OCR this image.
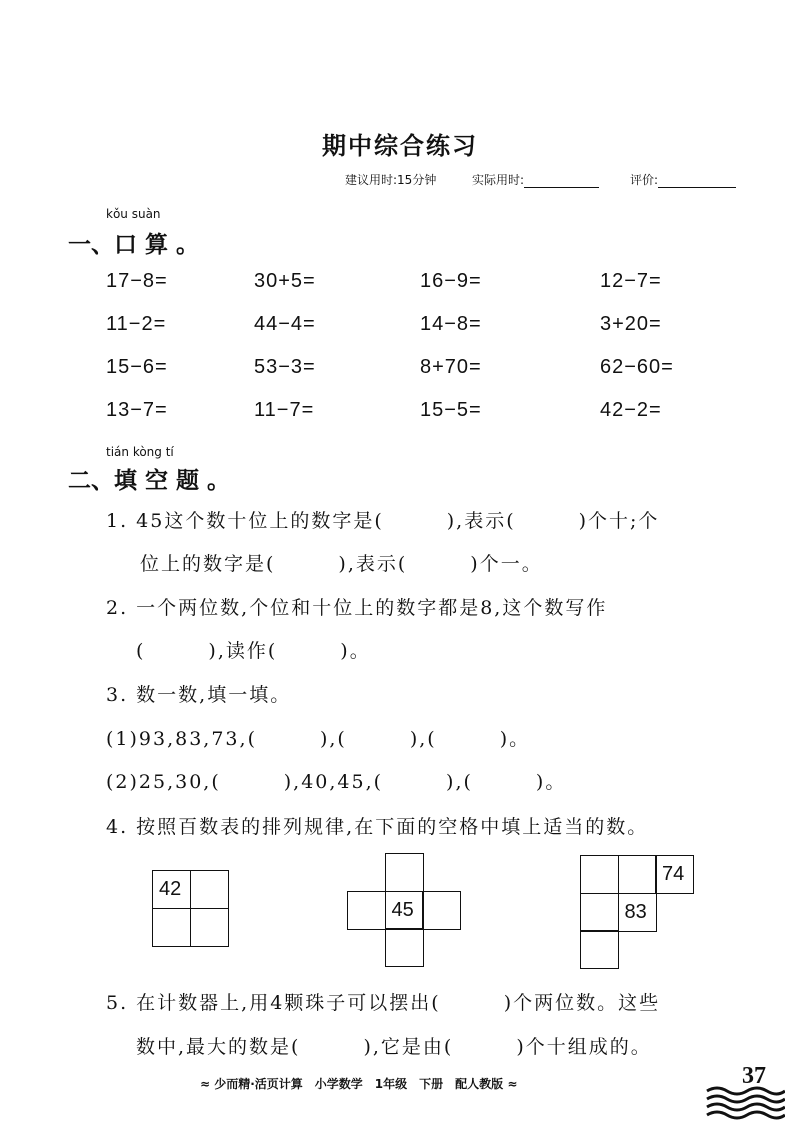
期中综合练习
建议用时:15分钟	实际用时:	评价:
kǒu suàn
一、口 算 。
17−8=	30+5=	16−9=	12−7=
11−2=	44−4=	14−8=	3+20=
15−6=	53−3=	8+70=	62−60=
13−7=	11−7=	15−5=	42−2=
tián kòng tí
二、填 空 题 。
1. 45这个数十位上的数字是(　　　),表示(　　　)个十;个
位上的数字是(　　　),表示(　　　)个一。
2. 一个两位数,个位和十位上的数字都是8,这个数写作
(　　　),读作(　　　)。
3. 数一数,填一填。
(1)93,83,73,(　　　),(　　　),(　　　)。
(2)25,30,(　　　),40,45,(　　　),(　　　)。
4. 按照百数表的排列规律,在下面的空格中填上适当的数。
42
45
74
83
5. 在计数器上,用4颗珠子可以摆出(　　　)个两位数。这些
数中,最大的数是(　　　),它是由(　　　)个十组成的。
≈ 少而精·活页计算　小学数学　1年级　下册　配人教版 ≈	37
